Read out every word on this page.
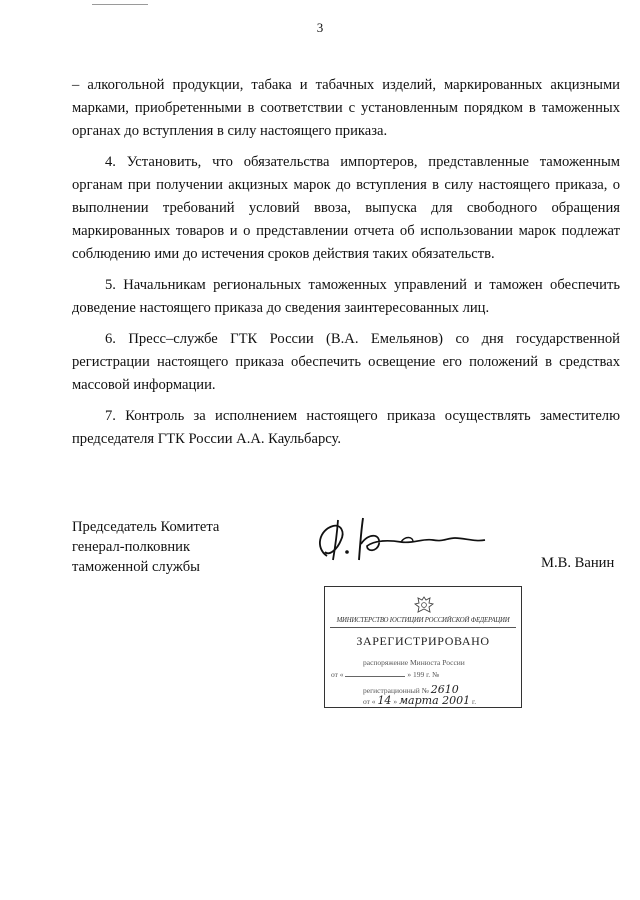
3

– алкогольной продукции, табака и табачных изделий, маркированных акцизными марками, приобретенными в соответствии с установленным порядком в таможенных органах до вступления в силу настоящего приказа.

4. Установить, что обязательства импортеров, представленные таможенным органам при получении акцизных марок до вступления в силу настоящего приказа, о выполнении требований условий ввоза, выпуска для свободного обращения маркированных товаров и о представлении отчета об использовании марок подлежат соблюдению ими до истечения сроков действия таких обязательств.

5. Начальникам региональных таможенных управлений и таможен обеспечить доведение настоящего приказа до сведения заинтересованных лиц.

6. Пресс–службе ГТК России (В.А. Емельянов) со дня государственной регистрации настоящего приказа обеспечить освещение его положений в средствах массовой информации.

7. Контроль за исполнением настоящего приказа осуществлять заместителю председателя ГТК России А.А. Каульбарсу.

Председатель Комитета
генерал-полковник
таможенной службы	М.В. Ванин
МИНИСТЕРСТВО ЮСТИЦИИ РОССИЙСКОЙ ФЕДЕРАЦИИ
ЗАРЕГИСТРИРОВАНО
распоряжение Минюста России
от «	» 199 г. №
регистрационный № 2610
от « 14 » марта 2001 г.
